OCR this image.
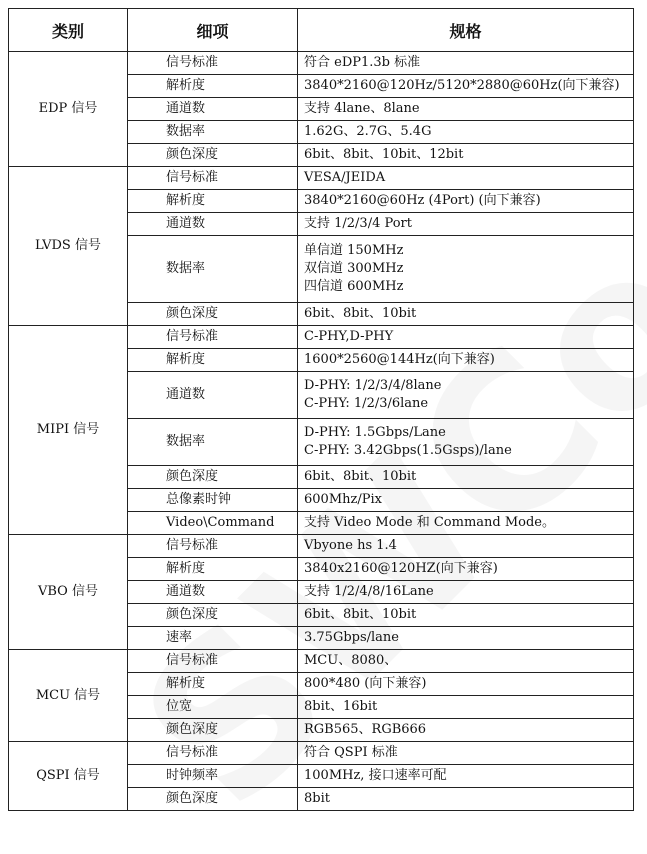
类别	细项	规格
EDP 信号	信号标准	符合 eDP1.3b 标准
	解析度	3840*2160@120Hz/5120*2880@60Hz(向下兼容)
	通道数	支持 4lane、8lane
	数据率	1.62G、2.7G、5.4G
	颜色深度	6bit、8bit、10bit、12bit
LVDS 信号	信号标准	VESA/JEIDA
	解析度	3840*2160@60Hz (4Port) (向下兼容)
	通道数	支持 1/2/3/4 Port
	数据率	单信道 150MHz
双信道 300MHz
四信道 600MHz
	颜色深度	6bit、8bit、10bit
MIPI 信号	信号标准	C-PHY,D-PHY
	解析度	1600*2560@144Hz(向下兼容)
	通道数	D-PHY: 1/2/3/4/8lane
C-PHY: 1/2/3/6lane
	数据率	D-PHY: 1.5Gbps/Lane
C-PHY: 3.42Gbps(1.5Gsps)/lane
	颜色深度	6bit、8bit、10bit
	总像素时钟	600Mhz/Pix
	Video\Command	支持 Video Mode 和 Command Mode。
VBO 信号	信号标准	Vbyone hs 1.4
	解析度	3840x2160@120HZ(向下兼容)
	通道数	支持 1/2/4/8/16Lane
	颜色深度	6bit、8bit、10bit
	速率	3.75Gbps/lane
MCU 信号	信号标准	MCU、8080、
	解析度	800*480 (向下兼容)
	位宽	8bit、16bit
	颜色深度	RGB565、RGB666
QSPI 信号	信号标准	符合 QSPI 标准
	时钟频率	100MHz, 接口速率可配
	颜色深度	8bit
